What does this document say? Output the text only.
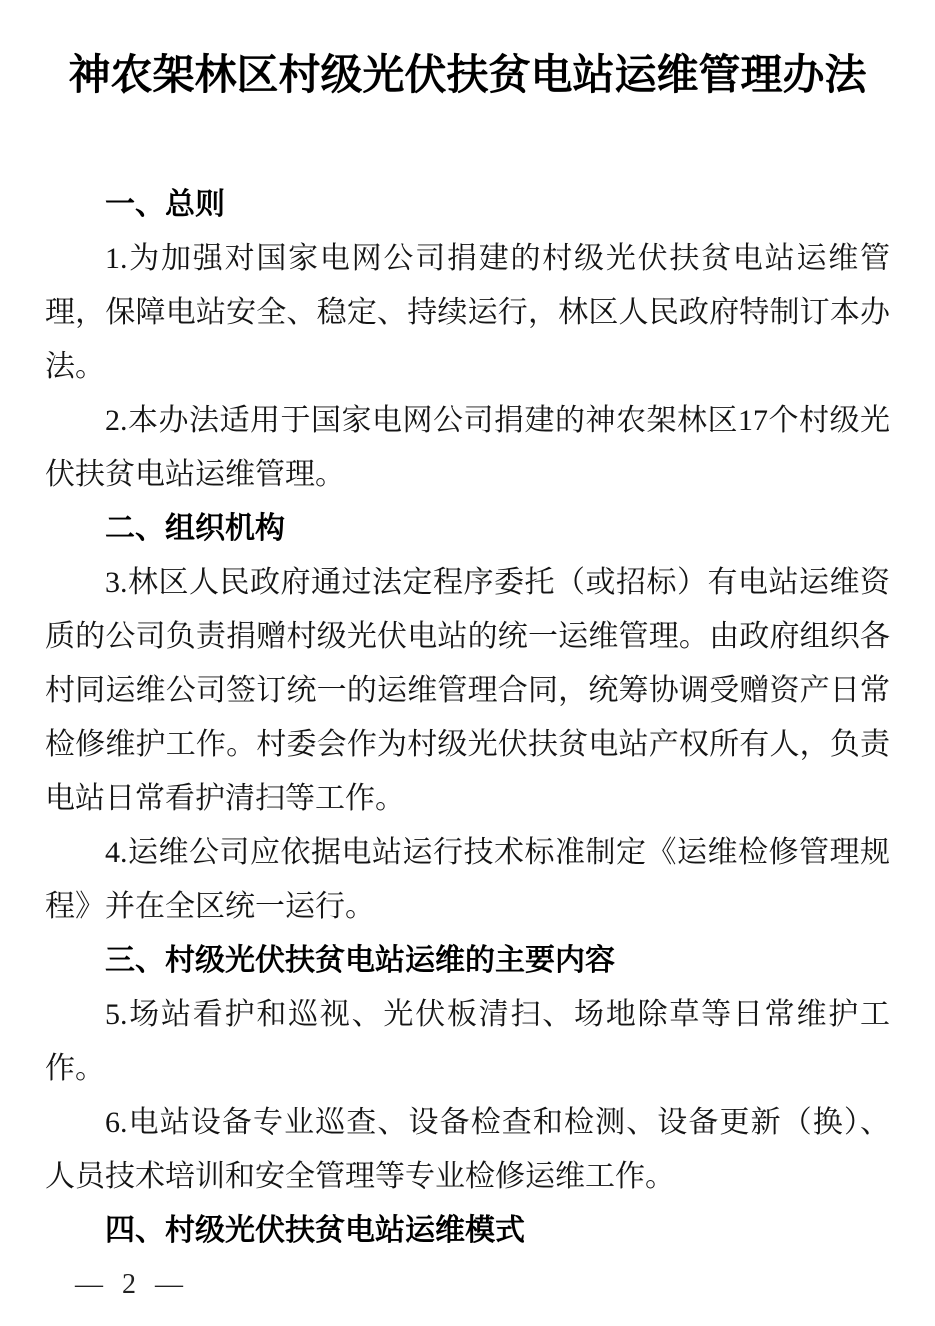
神农架林区村级光伏扶贫电站运维管理办法
一、总则

1.为加强对国家电网公司捐建的村级光伏扶贫电站运维管理，保障电站安全、稳定、持续运行，林区人民政府特制订本办法。

2.本办法适用于国家电网公司捐建的神农架林区17个村级光伏扶贫电站运维管理。

二、组织机构

3.林区人民政府通过法定程序委托（或招标）有电站运维资质的公司负责捐赠村级光伏电站的统一运维管理。由政府组织各村同运维公司签订统一的运维管理合同，统筹协调受赠资产日常检修维护工作。村委会作为村级光伏扶贫电站产权所有人，负责电站日常看护清扫等工作。

4.运维公司应依据电站运行技术标准制定《运维检修管理规程》并在全区统一运行。

三、村级光伏扶贫电站运维的主要内容

5.场站看护和巡视、光伏板清扫、场地除草等日常维护工作。

6.电站设备专业巡查、设备检查和检测、设备更新（换）、人员技术培训和安全管理等专业检修运维工作。

四、村级光伏扶贫电站运维模式
— 2 —
